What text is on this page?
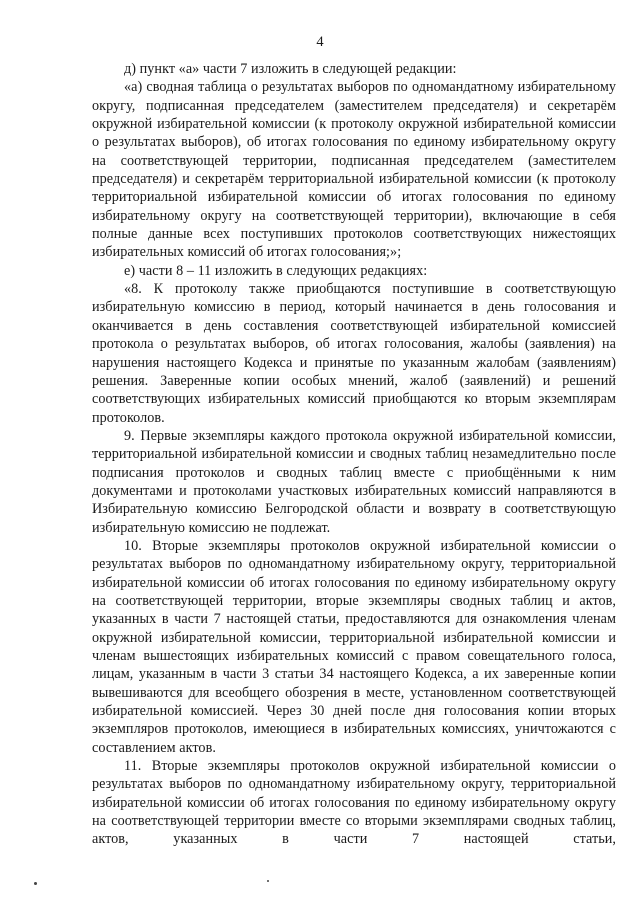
4

д) пункт «а» части 7 изложить в следующей редакции:

«а) сводная таблица о результатах выборов по одномандатному избирательному округу, подписанная председателем (заместителем председателя) и секретарём окружной избирательной комиссии (к протоколу окружной избирательной комиссии о результатах выборов), об итогах голосования по единому избирательному округу на соответствующей территории, подписанная председателем (заместителем председателя) и секретарём территориальной избирательной комиссии (к протоколу территориальной избирательной комиссии об итогах голосования по единому избирательному округу на соответствующей территории), включающие в себя полные данные всех поступивших протоколов соответствующих нижестоящих избирательных комиссий об итогах голосования;»;

е) части 8 – 11 изложить в следующих редакциях:

«8. К протоколу также приобщаются поступившие в соответствующую избирательную комиссию в период, который начинается в день голосования и оканчивается в день составления соответствующей избирательной комиссией протокола о результатах выборов, об итогах голосования, жалобы (заявления) на нарушения настоящего Кодекса и принятые по указанным жалобам (заявлениям) решения. Заверенные копии особых мнений, жалоб (заявлений) и решений соответствующих избирательных комиссий приобщаются ко вторым экземплярам протоколов.

9. Первые экземпляры каждого протокола окружной избирательной комиссии, территориальной избирательной комиссии и сводных таблиц незамедлительно после подписания протоколов и сводных таблиц вместе с приобщёнными к ним документами и протоколами участковых избирательных комиссий направляются в Избирательную комиссию Белгородской области и возврату в соответствующую избирательную комиссию не подлежат.

10. Вторые экземпляры протоколов окружной избирательной комиссии о результатах выборов по одномандатному избирательному округу, территориальной избирательной комиссии об итогах голосования по единому избирательному округу на соответствующей территории, вторые экземпляры сводных таблиц и актов, указанных в части 7 настоящей статьи, предоставляются для ознакомления членам окружной избирательной комиссии, территориальной избирательной комиссии и членам вышестоящих избирательных комиссий с правом совещательного голоса, лицам, указанным в части 3 статьи 34 настоящего Кодекса, а их заверенные копии вывешиваются для всеобщего обозрения в месте, установленном соответствующей избирательной комиссией. Через 30 дней после дня голосования копии вторых экземпляров протоколов, имеющиеся в избирательных комиссиях, уничтожаются с составлением актов.

11. Вторые экземпляры протоколов окружной избирательной комиссии о результатах выборов по одномандатному избирательному округу, территориальной избирательной комиссии об итогах голосования по единому избирательному округу на соответствующей территории вместе со вторыми экземплярами сводных таблиц, актов, указанных в части 7 настоящей статьи,
